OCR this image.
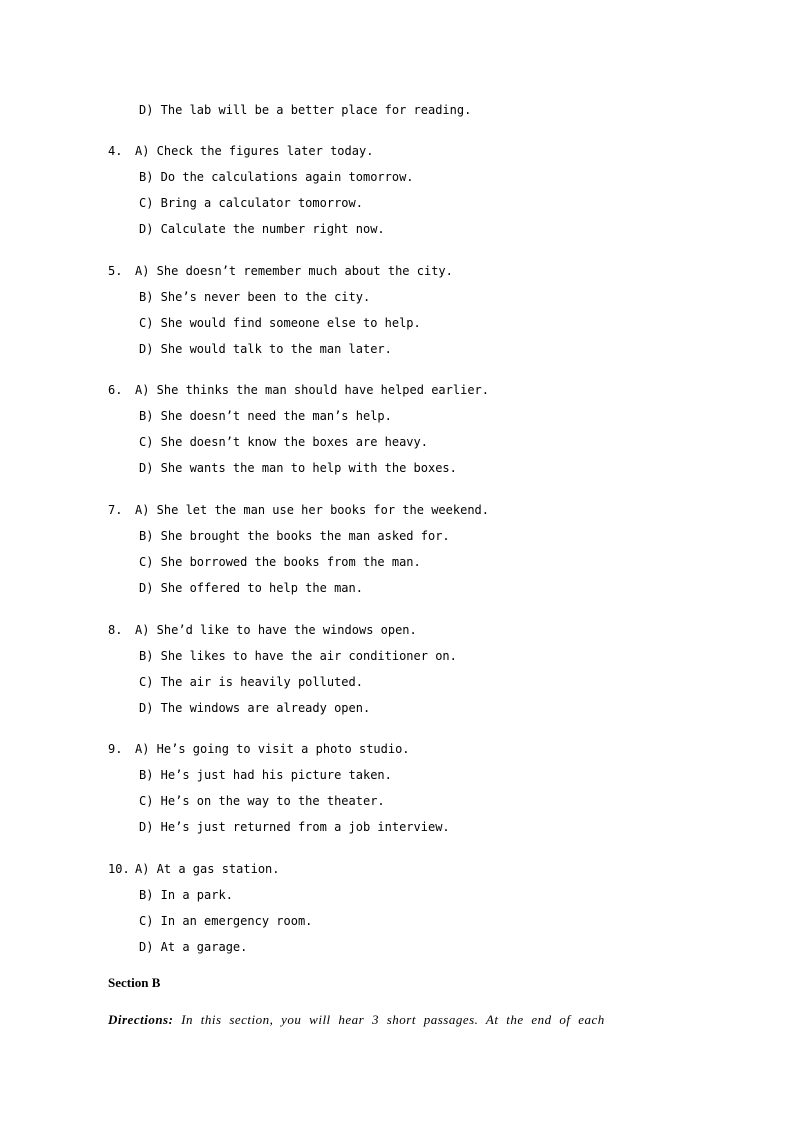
D) The lab will be a better place for reading.
4. A) Check the figures later today.
B) Do the calculations again tomorrow.
C) Bring a calculator tomorrow.
D) Calculate the number right now.
5. A) She doesn’t remember much about the city.
B) She’s never been to the city.
C) She would find someone else to help.
D) She would talk to the man later.
6. A) She thinks the man should have helped earlier.
B) She doesn’t need the man’s help.
C) She doesn’t know the boxes are heavy.
D) She wants the man to help with the boxes.
7. A) She let the man use her books for the weekend.
B) She brought the books the man asked for.
C) She borrowed the books from the man.
D) She offered to help the man.
8. A) She’d like to have the windows open.
B) She likes to have the air conditioner on.
C) The air is heavily polluted.
D) The windows are already open.
9. A) He’s going to visit a photo studio.
B) He’s just had his picture taken.
C) He’s on the way to the theater.
D) He’s just returned from a job interview.
10. A) At a gas station.
B) In a park.
C) In an emergency room.
D) At a garage.
Section B
Directions: In this section, you will hear 3 short passages. At the end of each
